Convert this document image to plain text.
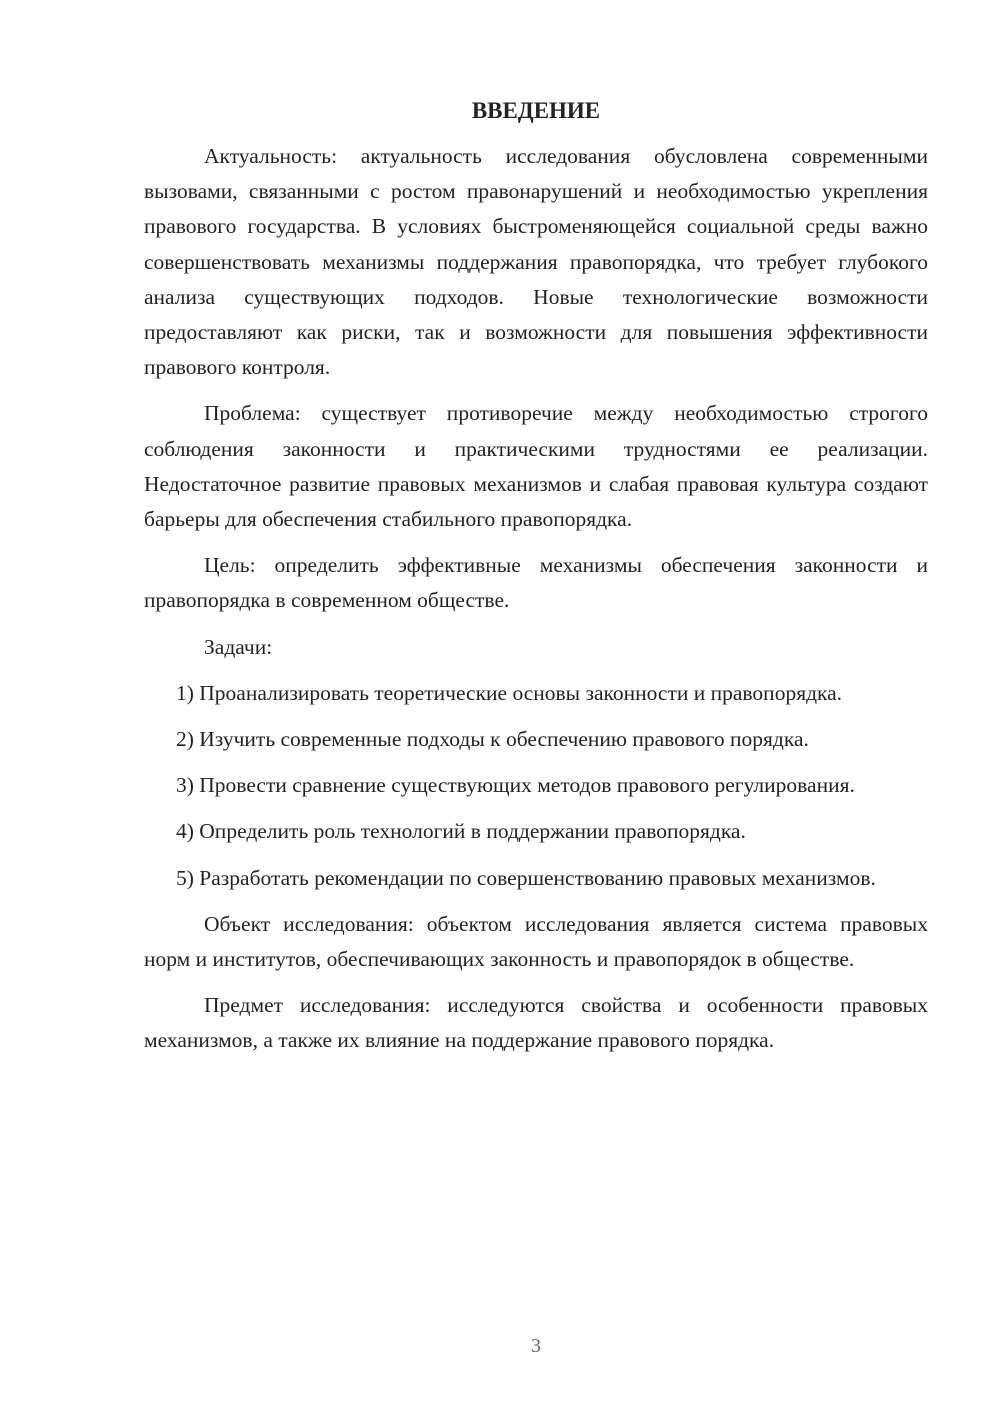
ВВЕДЕНИЕ

Актуальность: актуальность исследования обусловлена современными вызовами, связанными с ростом правонарушений и необходимостью укрепления правового государства. В условиях быстроменяющейся социальной среды важно совершенствовать механизмы поддержания правопорядка, что требует глубокого анализа существующих подходов. Новые технологические возможности предоставляют как риски, так и возможности для повышения эффективности правового контроля.

Проблема: существует противоречие между необходимостью строгого соблюдения законности и практическими трудностями ее реализации. Недостаточное развитие правовых механизмов и слабая правовая культура создают барьеры для обеспечения стабильного правопорядка.

Цель: определить эффективные механизмы обеспечения законности и правопорядка в современном обществе.

Задачи:

1) Проанализировать теоретические основы законности и правопорядка.

2) Изучить современные подходы к обеспечению правового порядка.

3) Провести сравнение существующих методов правового регулирования.

4) Определить роль технологий в поддержании правопорядка.

5) Разработать рекомендации по совершенствованию правовых механизмов.

Объект исследования: объектом исследования является система правовых норм и институтов, обеспечивающих законность и правопорядок в обществе.

Предмет исследования: исследуются свойства и особенности правовых механизмов, а также их влияние на поддержание правового порядка.

3
